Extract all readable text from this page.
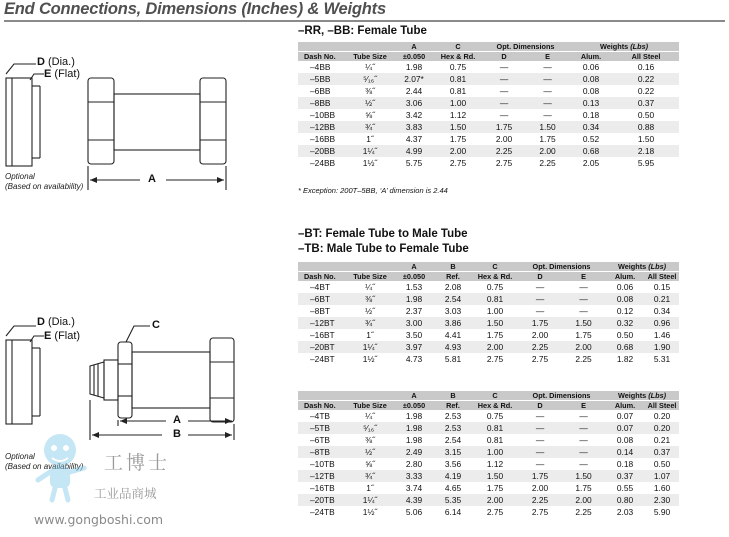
End Connections, Dimensions (Inches) & Weights
D (Dia.)
E (Flat)
A
Optional
(Based on availability)
D (Dia.)
E (Flat)
C
A
B
Optional
(Based on availability)
–RR, –BB: Female Tube
		A	C	Opt. Dimensions		Weights (Lbs)	
Dash No.	Tube Size	±0.050	Hex & Rd.	D	E	Alum.	All Steel
–4BB	¼˝	1.98	0.75	—	—	0.06	0.16
–5BB	⁵⁄₁₆˝	2.07*	0.81	—	—	0.08	0.22
–6BB	⅜˝	2.44	0.81	—	—	0.08	0.22
–8BB	½˝	3.06	1.00	—	—	0.13	0.37
–10BB	⅝˝	3.42	1.12	—	—	0.18	0.50
–12BB	¾˝	3.83	1.50	1.75	1.50	0.34	0.88
–16BB	1˝	4.37	1.75	2.00	1.75	0.52	1.50
–20BB	1¼˝	4.99	2.00	2.25	2.00	0.68	2.18
–24BB	1½˝	5.75	2.75	2.75	2.25	2.05	5.95
* Exception: 200T–5BB, ‘A’ dimension is 2.44
–BT: Female Tube to Male Tube
–TB: Male Tube to Female Tube
		A	B	C	Opt. Dimensions		Weights (Lbs)	
Dash No.	Tube Size	±0.050	Ref.	Hex & Rd.	D	E	Alum.	All Steel
–4BT	¼˝	1.53	2.08	0.75	—	—	0.06	0.15
–6BT	⅜˝	1.98	2.54	0.81	—	—	0.08	0.21
–8BT	½˝	2.37	3.03	1.00	—	—	0.12	0.34
–12BT	¾˝	3.00	3.86	1.50	1.75	1.50	0.32	0.96
–16BT	1˝	3.50	4.41	1.75	2.00	1.75	0.50	1.46
–20BT	1¼˝	3.97	4.93	2.00	2.25	2.00	0.68	1.90
–24BT	1½˝	4.73	5.81	2.75	2.75	2.25	1.82	5.31
		A	B	C	Opt. Dimensions		Weights (Lbs)	
Dash No.	Tube Size	±0.050	Ref.	Hex & Rd.	D	E	Alum.	All Steel
–4TB	¼˝	1.98	2.53	0.75	—	—	0.07	0.20
–5TB	⁵⁄₁₆˝	1.98	2.53	0.81	—	—	0.07	0.20
–6TB	⅜˝	1.98	2.54	0.81	—	—	0.08	0.21
–8TB	½˝	2.49	3.15	1.00	—	—	0.14	0.37
–10TB	⅝˝	2.80	3.56	1.12	—	—	0.18	0.50
–12TB	¾˝	3.33	4.19	1.50	1.75	1.50	0.37	1.07
–16TB	1˝	3.74	4.65	1.75	2.00	1.75	0.55	1.60
–20TB	1¼˝	4.39	5.35	2.00	2.25	2.00	0.80	2.30
–24TB	1½˝	5.06	6.14	2.75	2.75	2.25	2.03	5.90
工博士
工业品商城
www.gongboshi.com
